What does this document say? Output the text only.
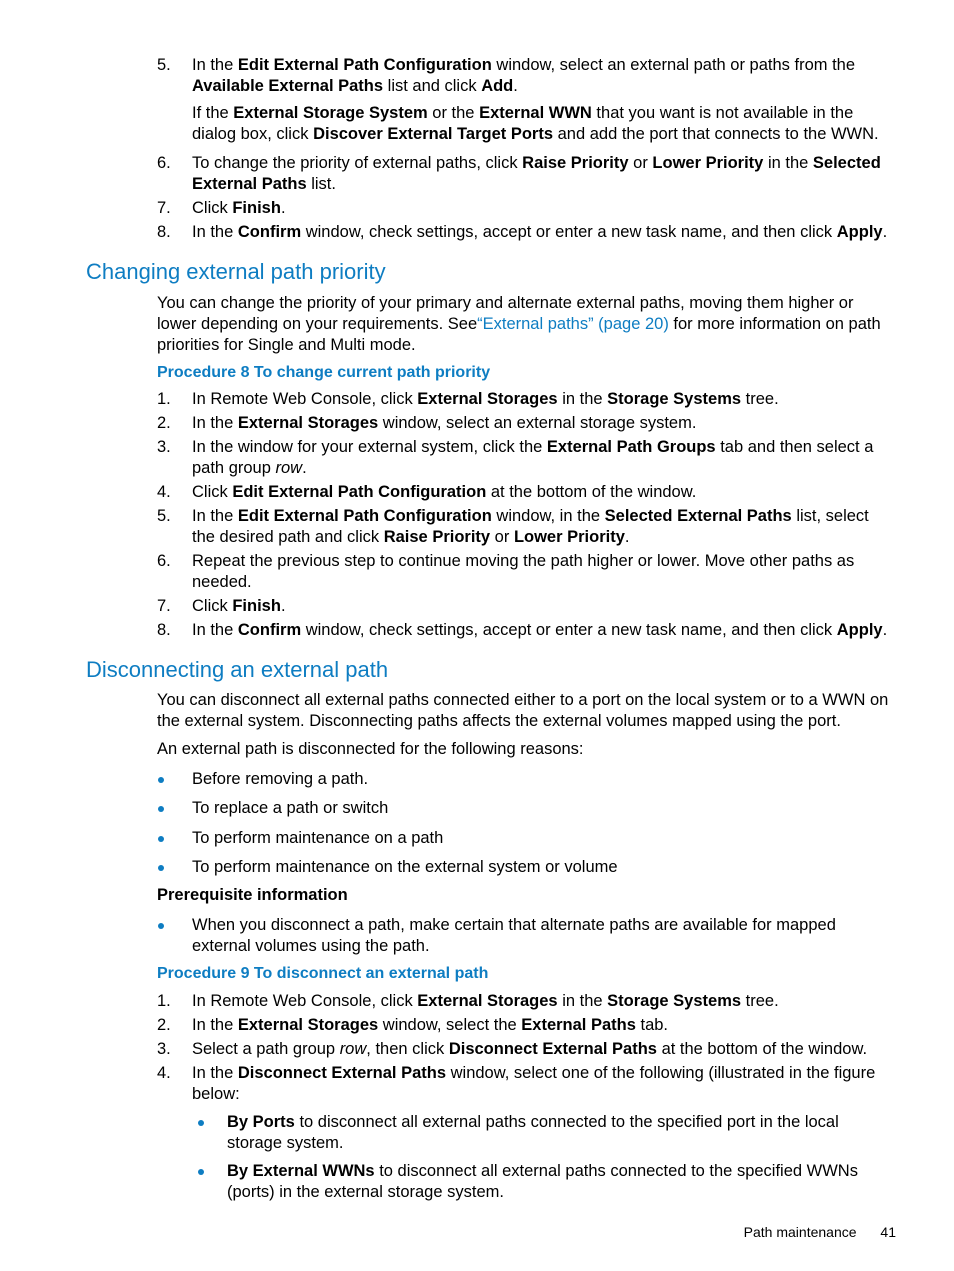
5.	In the Edit External Path Configuration window, select an external path or paths from the Available External Paths list and click Add.
If the External Storage System or the External WWN that you want is not available in the dialog box, click Discover External Target Ports and add the port that connects to the WWN.
6.	To change the priority of external paths, click Raise Priority or Lower Priority in the Selected External Paths list.
7.	Click Finish.
8.	In the Confirm window, check settings, accept or enter a new task name, and then click Apply.
Changing external path priority
You can change the priority of your primary and alternate external paths, moving them higher or lower depending on your requirements. See“External paths” (page 20) for more information on path priorities for Single and Multi mode.
Procedure 8 To change current path priority
1.	In Remote Web Console, click External Storages in the Storage Systems tree.
2.	In the External Storages window, select an external storage system.
3.	In the window for your external system, click the External Path Groups tab and then select a path group row.
4.	Click Edit External Path Configuration at the bottom of the window.
5.	In the Edit External Path Configuration window, in the Selected External Paths list, select the desired path and click Raise Priority or Lower Priority.
6.	Repeat the previous step to continue moving the path higher or lower. Move other paths as needed.
7.	Click Finish.
8.	In the Confirm window, check settings, accept or enter a new task name, and then click Apply.
Disconnecting an external path
You can disconnect all external paths connected either to a port on the local system or to a WWN on the external system. Disconnecting paths affects the external volumes mapped using the port.
An external path is disconnected for the following reasons:
Before removing a path.
To replace a path or switch
To perform maintenance on a path
To perform maintenance on the external system or volume
Prerequisite information
When you disconnect a path, make certain that alternate paths are available for mapped external volumes using the path.
Procedure 9 To disconnect an external path
1.	In Remote Web Console, click External Storages in the Storage Systems tree.
2.	In the External Storages window, select the External Paths tab.
3.	Select a path group row, then click Disconnect External Paths at the bottom of the window.
4.	In the Disconnect External Paths window, select one of the following (illustrated in the figure below:
By Ports to disconnect all external paths connected to the specified port in the local storage system.
By External WWNs to disconnect all external paths connected to the specified WWNs (ports) in the external storage system.
Path maintenance 41
